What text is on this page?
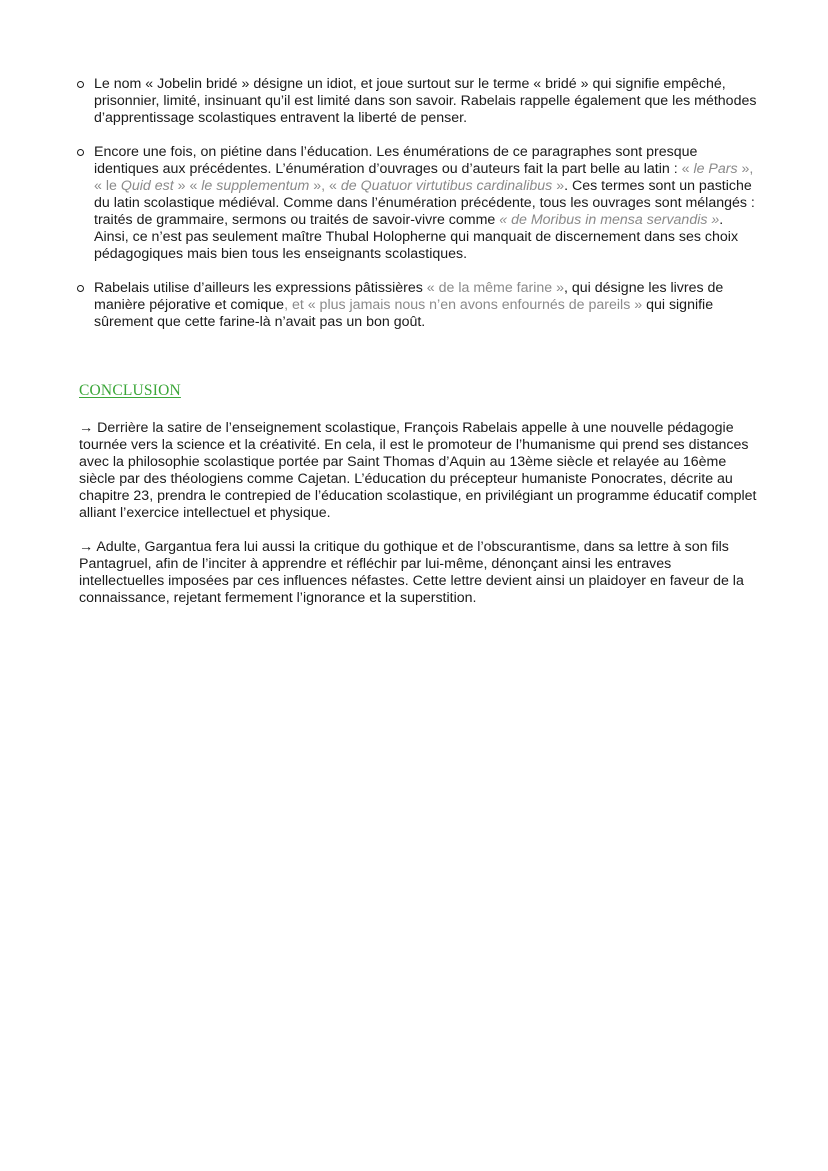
Le nom « Jobelin bridé » désigne un idiot, et joue surtout sur le terme « bridé » qui signifie empêché, prisonnier, limité, insinuant qu’il est limité dans son savoir. Rabelais rappelle également que les méthodes d’apprentissage scolastiques entravent la liberté de penser.
Encore une fois, on piétine dans l’éducation. Les énumérations de ce paragraphes sont presque identiques aux précédentes. L’énumération d’ouvrages ou d’auteurs fait la part belle au latin : « le Pars », « le Quid est » « le supplementum », « de Quatuor virtutibus cardinalibus ». Ces termes sont un pastiche du latin scolastique médiéval. Comme dans l’énumération précédente, tous les ouvrages sont mélangés : traités de grammaire, sermons ou traités de savoir-vivre comme « de Moribus in mensa servandis ». Ainsi, ce n’est pas seulement maître Thubal Holopherne qui manquait de discernement dans ses choix pédagogiques mais bien tous les enseignants scolastiques.
Rabelais utilise d’ailleurs les expressions pâtissières « de la même farine », qui désigne les livres de manière péjorative et comique, et « plus jamais nous n’en avons enfournés de pareils » qui signifie sûrement que cette farine-là n’avait pas un bon goût.
CONCLUSION

→ Derrière la satire de l’enseignement scolastique, François Rabelais appelle à une nouvelle pédagogie tournée vers la science et la créativité. En cela, il est le promoteur de l’humanisme qui prend ses distances avec la philosophie scolastique portée par Saint Thomas d’Aquin au 13ème siècle et relayée au 16ème siècle par des théologiens comme Cajetan. L’éducation du précepteur humaniste Ponocrates, décrite au chapitre 23, prendra le contrepied de l’éducation scolastique, en privilégiant un programme éducatif complet alliant l’exercice intellectuel et physique.

→ Adulte, Gargantua fera lui aussi la critique du gothique et de l’obscurantisme, dans sa lettre à son fils Pantagruel, afin de l’inciter à apprendre et réfléchir par lui-même, dénonçant ainsi les entraves intellectuelles imposées par ces influences néfastes. Cette lettre devient ainsi un plaidoyer en faveur de la connaissance, rejetant fermement l’ignorance et la superstition.
